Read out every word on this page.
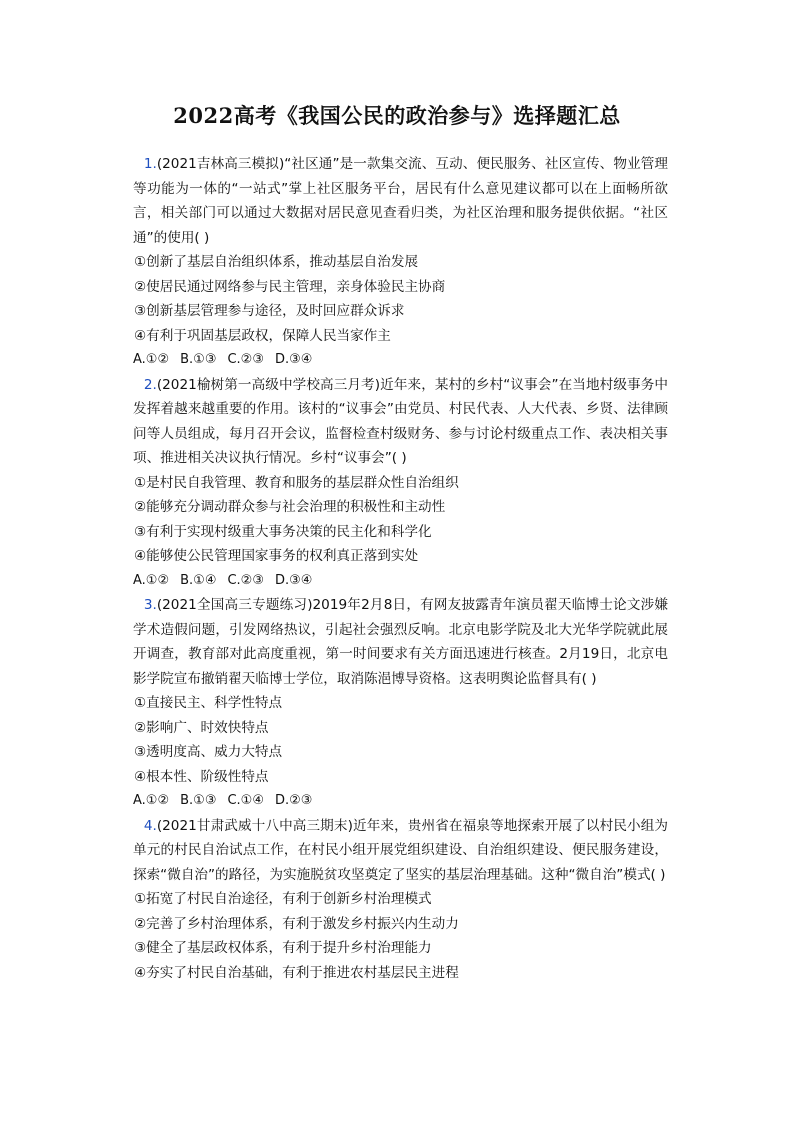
2022高考《我国公民的政治参与》选择题汇总

1.(2021吉林高三模拟)“社区通”是一款集交流、互动、便民服务、社区宣传、物业管理等功能为一体的“一站式”掌上社区服务平台，居民有什么意见建议都可以在上面畅所欲言，相关部门可以通过大数据对居民意见查看归类，为社区治理和服务提供依据。“社区通”的使用( )

①创新了基层自治组织体系，推动基层自治发展

②使居民通过网络参与民主管理，亲身体验民主协商

③创新基层管理参与途径，及时回应群众诉求

④有利于巩固基层政权，保障人民当家作主

A.①② B.①③ C.②③ D.③④

2.(2021榆树第一高级中学校高三月考)近年来，某村的乡村“议事会”在当地村级事务中发挥着越来越重要的作用。该村的“议事会”由党员、村民代表、人大代表、乡贤、法律顾问等人员组成，每月召开会议，监督检查村级财务、参与讨论村级重点工作、表决相关事项、推进相关决议执行情况。乡村“议事会”( )

①是村民自我管理、教育和服务的基层群众性自治组织

②能够充分调动群众参与社会治理的积极性和主动性

③有利于实现村级重大事务决策的民主化和科学化

④能够使公民管理国家事务的权利真正落到实处

A.①② B.①④ C.②③ D.③④

3.(2021全国高三专题练习)2019年2月8日，有网友披露青年演员翟天临博士论文涉嫌学术造假问题，引发网络热议，引起社会强烈反响。北京电影学院及北大光华学院就此展开调查，教育部对此高度重视，第一时间要求有关方面迅速进行核查。2月19日，北京电影学院宣布撤销翟天临博士学位，取消陈浥博导资格。这表明舆论监督具有( )

①直接民主、科学性特点

②影响广、时效快特点

③透明度高、威力大特点

④根本性、阶级性特点

A.①② B.①③ C.①④ D.②③

4.(2021甘肃武威十八中高三期末)近年来，贵州省在福泉等地探索开展了以村民小组为单元的村民自治试点工作，在村民小组开展党组织建设、自治组织建设、便民服务建设，探索“微自治”的路径，为实施脱贫攻坚奠定了坚实的基层治理基础。这种“微自治”模式( )

①拓宽了村民自治途径，有利于创新乡村治理模式

②完善了乡村治理体系，有利于激发乡村振兴内生动力

③健全了基层政权体系，有利于提升乡村治理能力

④夯实了村民自治基础，有利于推进农村基层民主进程
